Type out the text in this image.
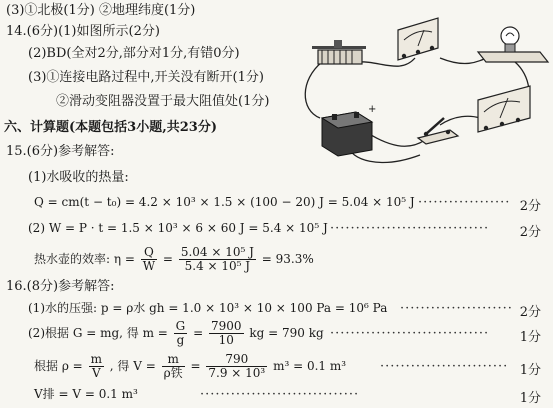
+
(3)①北极(1分) ②地理纬度(1分)
14.(6分)(1)如图所示(2分)
(2)BD(全对2分,部分对1分,有错0分)
(3)①连接电路过程中,开关没有断开(1分)
②滑动变阻器没置于最大阻值处(1分)
六、计算题(本题包括3小题,共23分)
15.(6分)参考解答:
(1)水吸收的热量:
Q = cm(t − t₀) = 4.2 × 10³ × 1.5 × (100 − 20) J = 5.04 × 10⁵ J ·················· 2分
(2) W = P · t = 1.5 × 10³ × 6 × 60 J = 5.4 × 10⁵ J ······························· 2分
热水壶的效率: $\eta = \frac{Q}{W} = \frac{\text{5.04 × 10⁵ J}}{\text{5.4 × 10⁵ J}} = 93.3\%$
16.(8分)参考解答:
(1)水的压强: p = ρ水 gh = 1.0 × 10³ × 10 × 100 Pa = 10⁶ Pa ······················ 2分
(2)根据 G = mg, 得 $m = \frac{G}{g} = \frac{7900}{10}$ kg = 790 kg ······························· 1分
根据 $\rho = \frac{m}{V}$ , 得 $V = \frac{m}{\text{ρ铁}} = \frac{790}{\text{7.9 × 10³}} m^3 = 0.1$ m³	························· 1分
V排 = V = 0.1 m³	·······························	1分
